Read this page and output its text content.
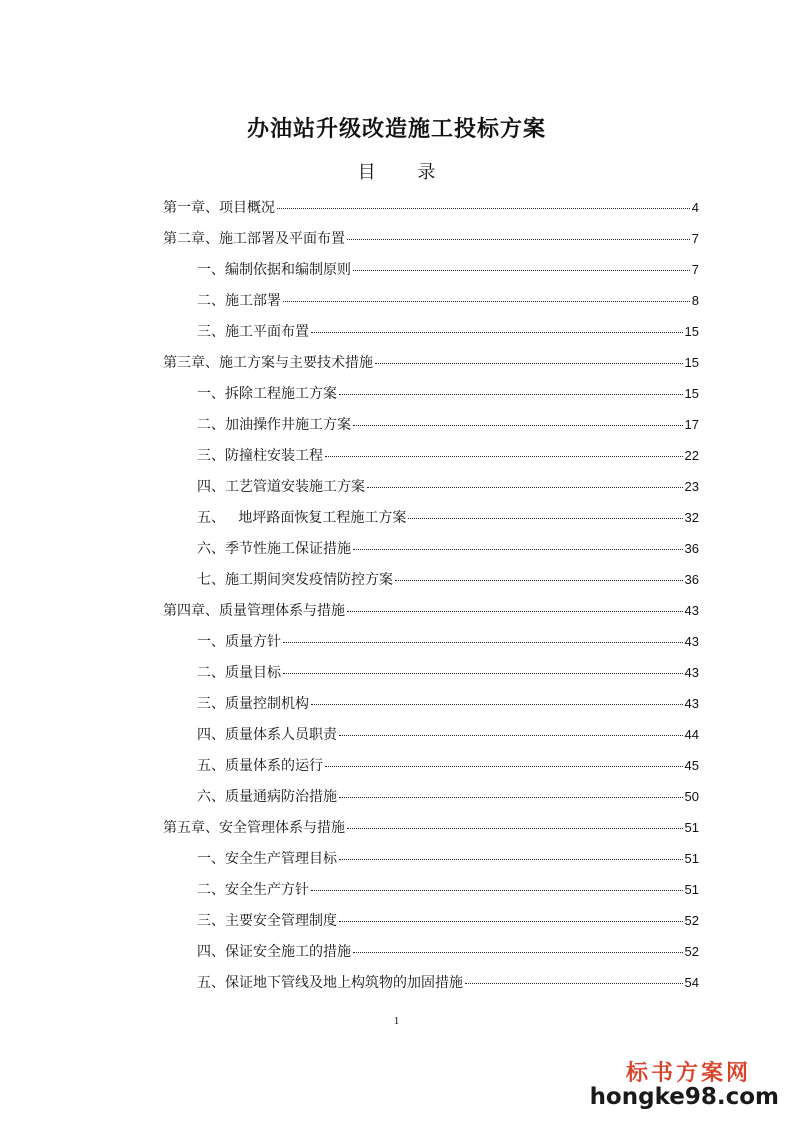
办油站升级改造施工投标方案
目 录
第一章、项目概况	4
第二章、施工部署及平面布置	7
一、编制依据和编制原则	7
二、施工部署	8
三、施工平面布置	15
第三章、施工方案与主要技术措施	15
一、拆除工程施工方案	15
二、加油操作井施工方案	17
三、防撞柱安装工程	22
四、工艺管道安装施工方案	23
五、   地坪路面恢复工程施工方案	32
六、季节性施工保证措施	36
七、施工期间突发疫情防控方案	36
第四章、质量管理体系与措施	43
一、质量方针	43
二、质量目标	43
三、质量控制机构	43
四、质量体系人员职责	44
五、质量体系的运行	45
六、质量通病防治措施	50
第五章、安全管理体系与措施	51
一、安全生产管理目标	51
二、安全生产方针	51
三、主要安全管理制度	52
四、保证安全施工的措施	52
五、保证地下管线及地上构筑物的加固措施	54
1
标书方案网
hongke98.com
